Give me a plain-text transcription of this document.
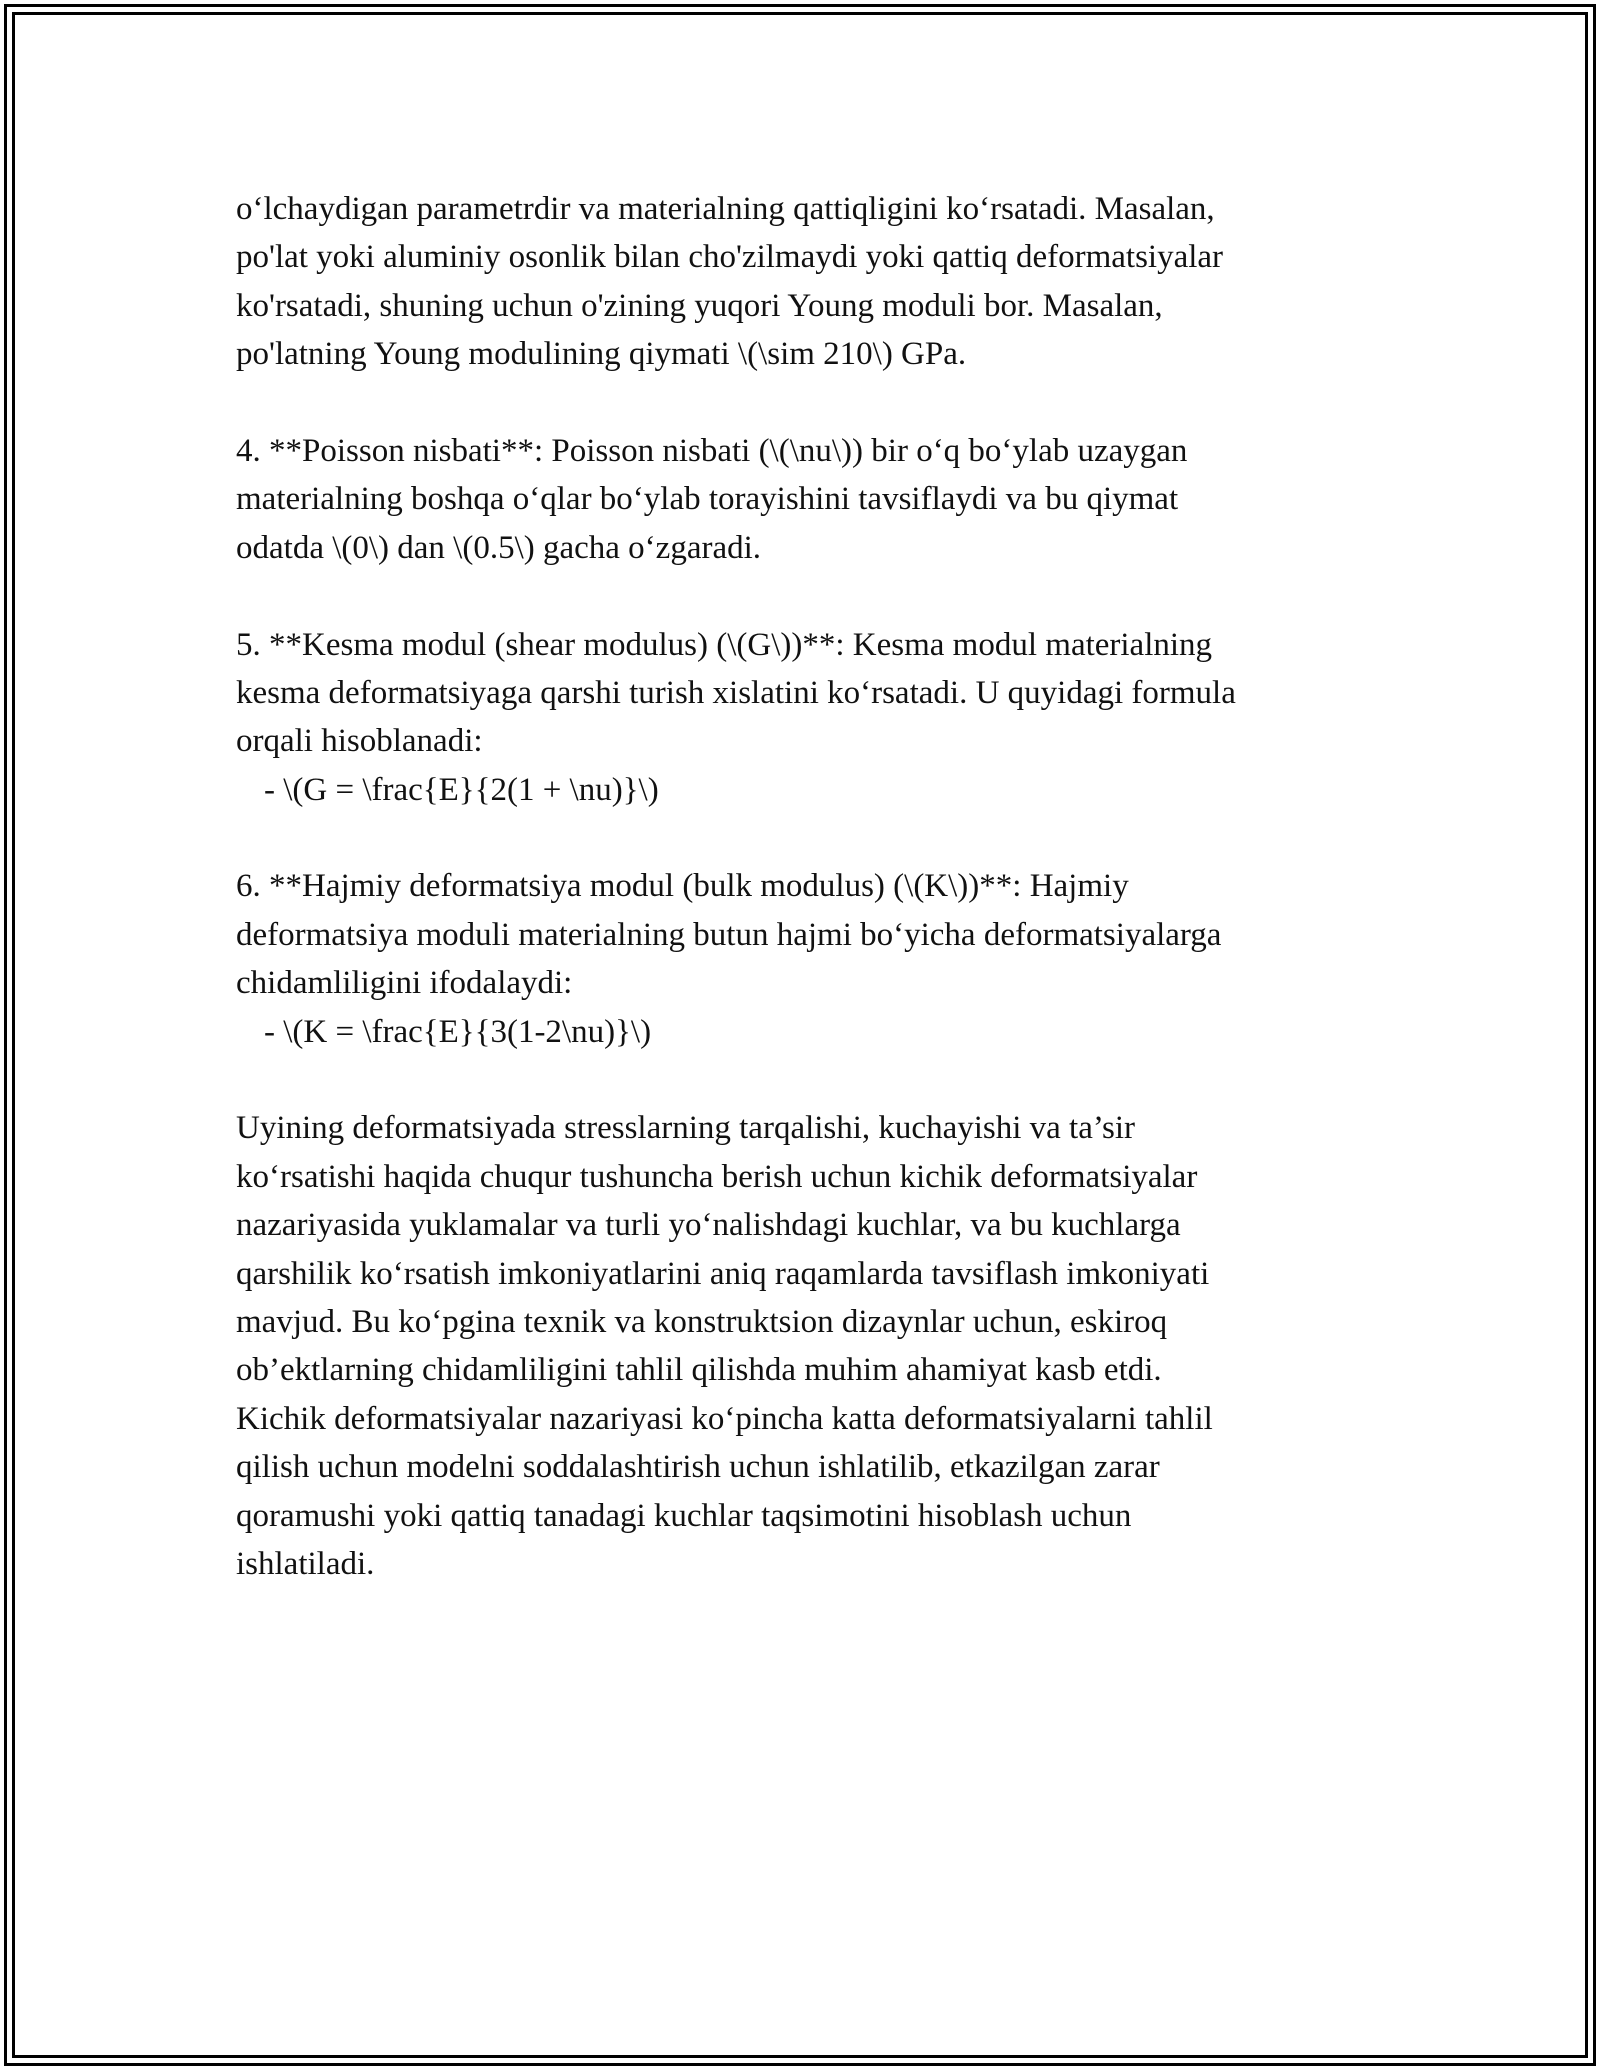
o‘lchaydigan parametrdir va materialning qattiqligini ko‘rsatadi. Masalan,
po'lat yoki aluminiy osonlik bilan cho'zilmaydi yoki qattiq deformatsiyalar
ko'rsatadi, shuning uchun o'zining yuqori Young moduli bor. Masalan,
po'latning Young modulining qiymati \(\sim 210\) GPa.
4. **Poisson nisbati**: Poisson nisbati (\(\nu\)) bir o‘q bo‘ylab uzaygan
materialning boshqa o‘qlar bo‘ylab torayishini tavsiflaydi va bu qiymat
odatda \(0\) dan \(0.5\) gacha o‘zgaradi.
5. **Kesma modul (shear modulus) (\(G\))**: Kesma modul materialning
kesma deformatsiyaga qarshi turish xislatini ko‘rsatadi. U quyidagi formula
orqali hisoblanadi:
- \(G = \frac{E}{2(1 + \nu)}\)
6. **Hajmiy deformatsiya modul (bulk modulus) (\(K\))**: Hajmiy
deformatsiya moduli materialning butun hajmi bo‘yicha deformatsiyalarga
chidamliligini ifodalaydi:
- \(K = \frac{E}{3(1-2\nu)}\)
Uyining deformatsiyada stresslarning tarqalishi, kuchayishi va ta’sir
ko‘rsatishi haqida chuqur tushuncha berish uchun kichik deformatsiyalar
nazariyasida yuklamalar va turli yo‘nalishdagi kuchlar, va bu kuchlarga
qarshilik ko‘rsatish imkoniyatlarini aniq raqamlarda tavsiflash imkoniyati
mavjud. Bu ko‘pgina texnik va konstruktsion dizaynlar uchun, eskiroq
ob’ektlarning chidamliligini tahlil qilishda muhim ahamiyat kasb etdi.
Kichik deformatsiyalar nazariyasi ko‘pincha katta deformatsiyalarni tahlil
qilish uchun modelni soddalashtirish uchun ishlatilib, etkazilgan zarar
qoramushi yoki qattiq tanadagi kuchlar taqsimotini hisoblash uchun
ishlatiladi.
